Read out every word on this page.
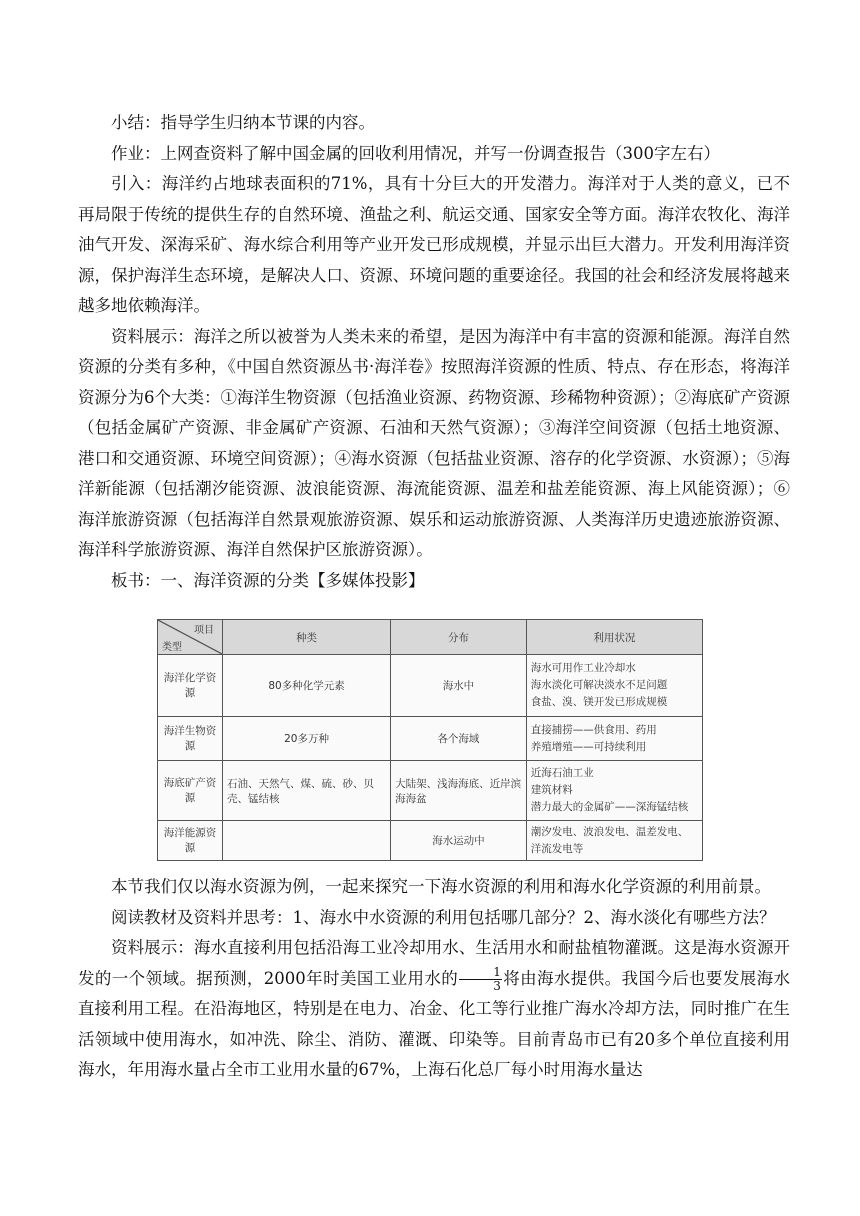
小结：指导学生归纳本节课的内容。

作业：上网查资料了解中国金属的回收利用情况，并写一份调查报告（300字左右）

引入：海洋约占地球表面积的71%，具有十分巨大的开发潜力。海洋对于人类的意义，已不再局限于传统的提供生存的自然环境、渔盐之利、航运交通、国家安全等方面。海洋农牧化、海洋油气开发、深海采矿、海水综合利用等产业开发已形成规模，并显示出巨大潜力。开发利用海洋资源，保护海洋生态环境，是解决人口、资源、环境问题的重要途径。我国的社会和经济发展将越来越多地依赖海洋。

资料展示：海洋之所以被誉为人类未来的希望，是因为海洋中有丰富的资源和能源。海洋自然资源的分类有多种，《中国自然资源丛书·海洋卷》按照海洋资源的性质、特点、存在形态，将海洋资源分为6个大类：①海洋生物资源（包括渔业资源、药物资源、珍稀物种资源）；②海底矿产资源（包括金属矿产资源、非金属矿产资源、石油和天然气资源）；③海洋空间资源（包括土地资源、港口和交通资源、环境空间资源）；④海水资源（包括盐业资源、溶存的化学资源、水资源）；⑤海洋新能源（包括潮汐能资源、波浪能资源、海流能资源、温差和盐差能资源、海上风能资源）；⑥海洋旅游资源（包括海洋自然景观旅游资源、娱乐和运动旅游资源、人类海洋历史遗迹旅游资源、海洋科学旅游资源、海洋自然保护区旅游资源）。

板书：一、海洋资源的分类【多媒体投影】

项目
类型	种类	分布	利用状况
海洋化学资源	80多种化学元素	海水中	海水可用作工业冷却水
海水淡化可解决淡水不足问题
食盐、溴、镁开发已形成规模

海洋生物资源	20多万种	各个海域	直接捕捞——供食用、药用
养殖增殖——可持续利用

海底矿产资源	石油、天然气、煤、硫、砂、贝壳、锰结核	大陆架、浅海海底、近岸滨海海盆	近海石油工业
建筑材料
潜力最大的金属矿——深海锰结核

海洋能源资源		海水运动中	潮汐发电、波浪发电、温差发电、洋流发电等

本节我们仅以海水资源为例，一起来探究一下海水资源的利用和海水化学资源的利用前景。

阅读教材及资料并思考：1、海水中水资源的利用包括哪几部分？2、海水淡化有哪些方法？

资料展示：海水直接利用包括沿海工业冷却用水、生活用水和耐盐植物灌溉。这是海水资源开发的一个领域。据预测，2000年时美国工业用水的 $\frac{1}{3}$ 将由海水提供。我国今后也要发展海水直接利用工程。在沿海地区，特别是在电力、冶金、化工等行业推广海水冷却方法，同时推广在生活领域中使用海水，如冲洗、除尘、消防、灌溉、印染等。目前青岛市已有20多个单位直接利用海水，年用海水量占全市工业用水量的67%，上海石化总厂每小时用海水量达
